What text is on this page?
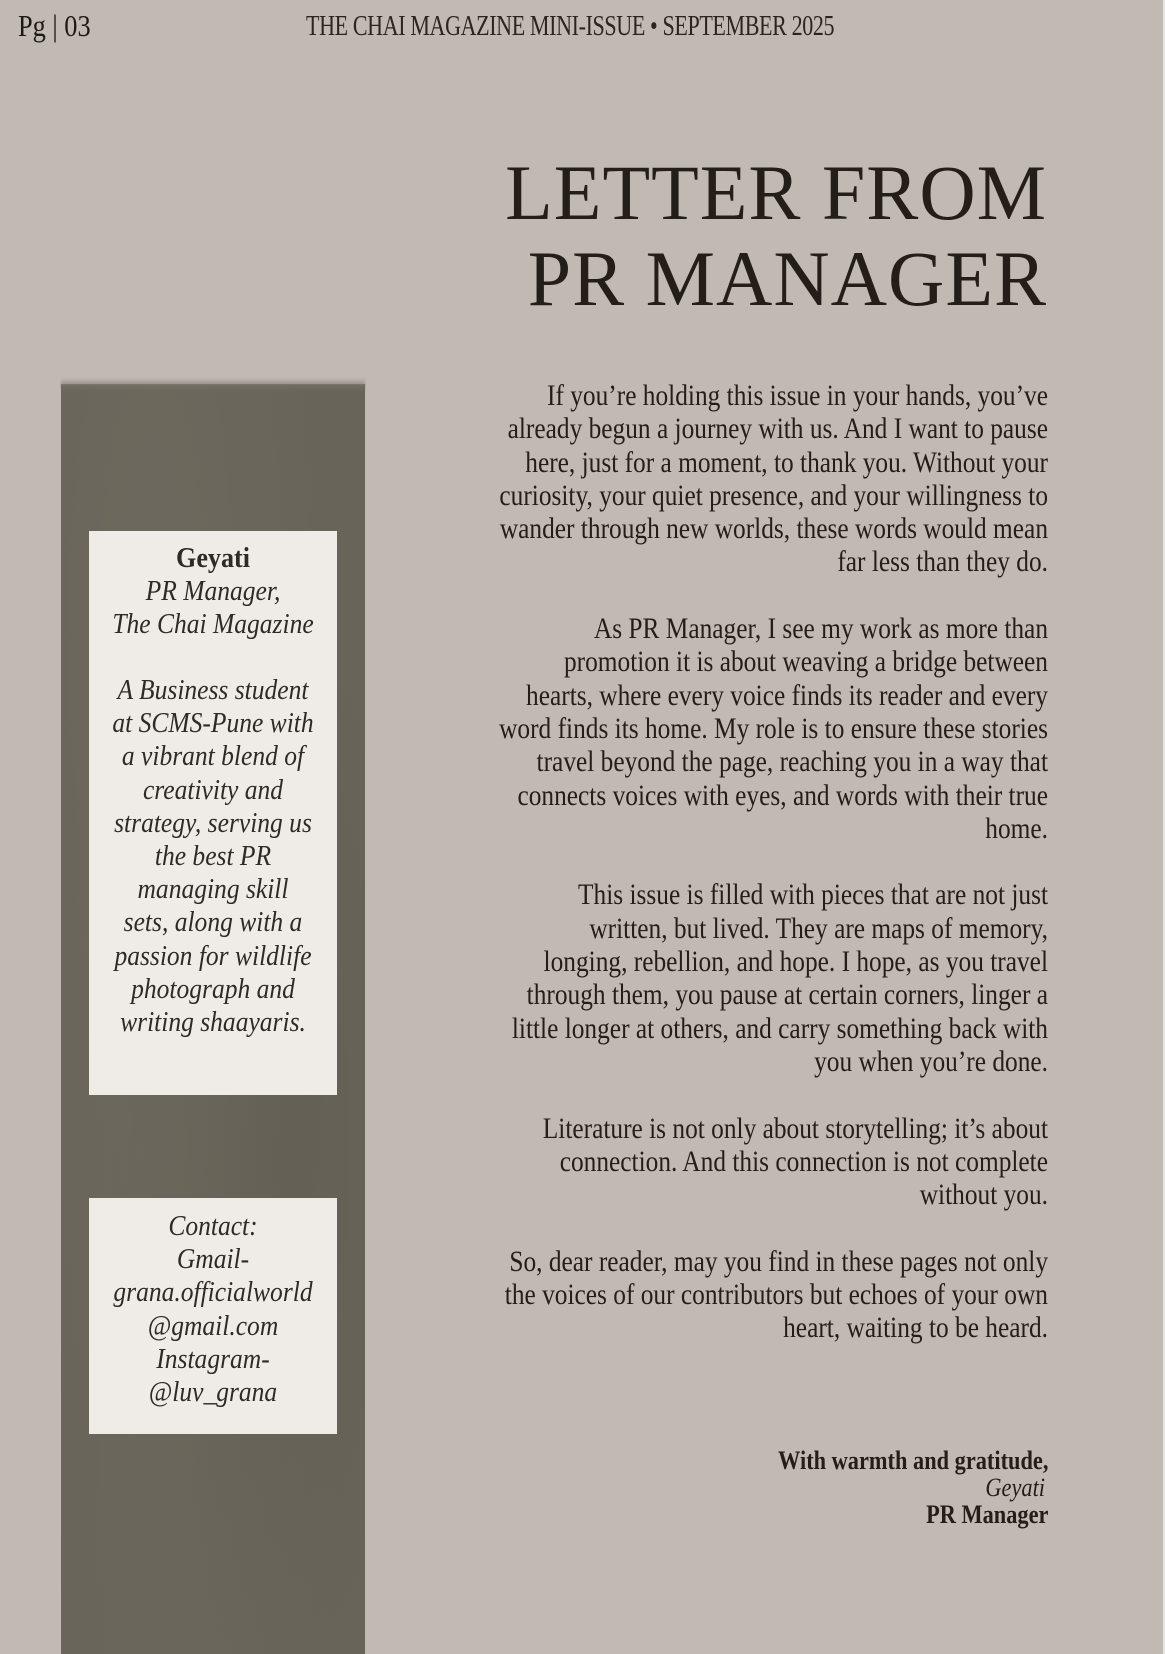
Pg | 03	THE CHAI MAGAZINE MINI-ISSUE • SEPTEMBER 2025
LETTER FROM
PR MANAGER
Geyati
PR Manager,
The Chai Magazine
A Business student
at SCMS-Pune with
a vibrant blend of
creativity and
strategy, serving us
the best PR
managing skill
sets, along with a
passion for wildlife
photograph and
writing shaayaris.
Contact:
Gmail-
grana.officialworld
@gmail.com
Instagram-
@luv_grana
If you’re holding this issue in your hands, you’ve
already begun a journey with us. And I want to pause
here, just for a moment, to thank you. Without your
curiosity, your quiet presence, and your willingness to
wander through new worlds, these words would mean
far less than they do.
As PR Manager, I see my work as more than
promotion it is about weaving a bridge between
hearts, where every voice finds its reader and every
word finds its home. My role is to ensure these stories
travel beyond the page, reaching you in a way that
connects voices with eyes, and words with their true
home.
This issue is filled with pieces that are not just
written, but lived. They are maps of memory,
longing, rebellion, and hope. I hope, as you travel
through them, you pause at certain corners, linger a
little longer at others, and carry something back with
you when you’re done.
Literature is not only about storytelling; it’s about
connection. And this connection is not complete
without you.
So, dear reader, may you find in these pages not only
the voices of our contributors but echoes of your own
heart, waiting to be heard.
With warmth and gratitude,
Geyati
PR Manager
